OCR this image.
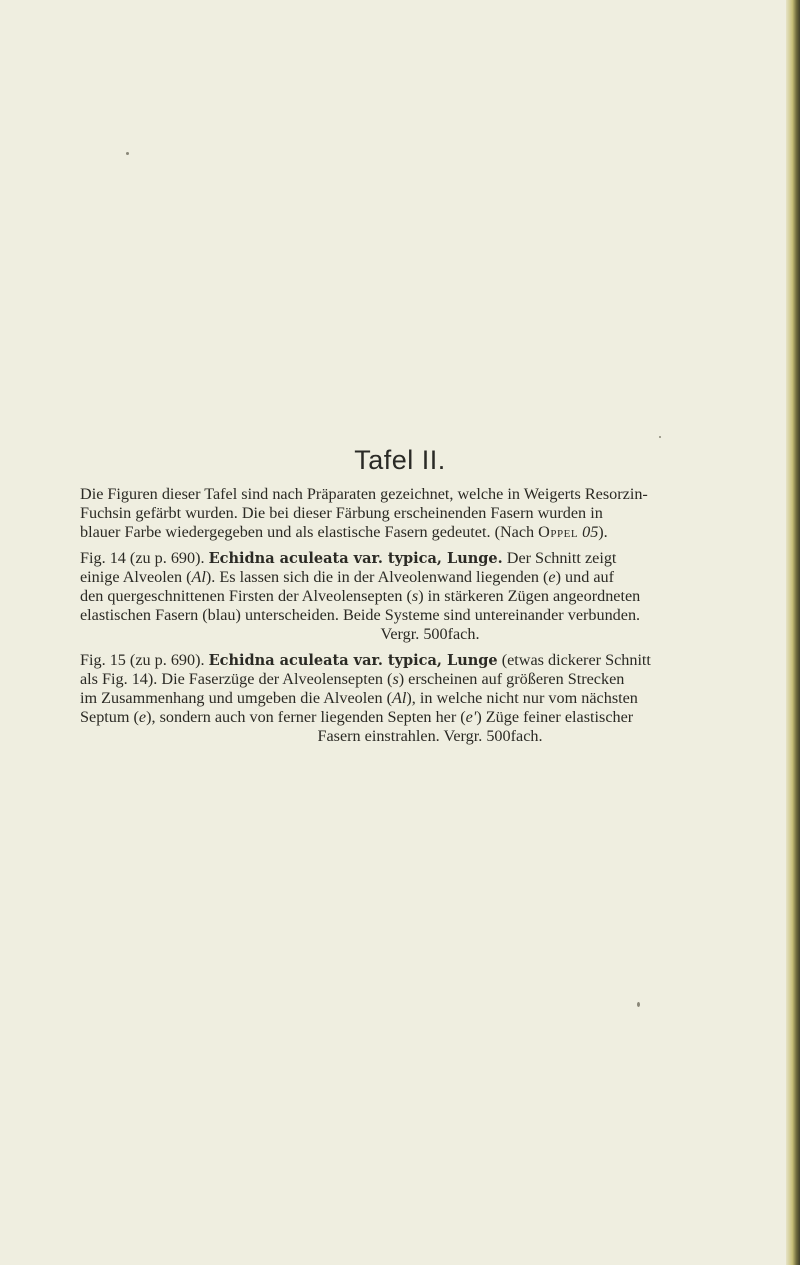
Tafel II.
Die Figuren dieser Tafel sind nach Präparaten gezeichnet, welche in Weigerts Resorzin-
Fuchsin gefärbt wurden. Die bei dieser Färbung erscheinenden Fasern wurden in
blauer Farbe wiedergegeben und als elastische Fasern gedeutet. (Nach Oppel 05).
Fig. 14 (zu p. 690). Echidna aculeata var. typica, Lunge. Der Schnitt zeigt
einige Alveolen (Al). Es lassen sich die in der Alveolenwand liegenden (e) und auf
den quergeschnittenen Firsten der Alveolensepten (s) in stärkeren Zügen angeordneten
elastischen Fasern (blau) unterscheiden. Beide Systeme sind untereinander verbunden.
Vergr. 500fach.
Fig. 15 (zu p. 690). Echidna aculeata var. typica, Lunge (etwas dickerer Schnitt
als Fig. 14). Die Faserzüge der Alveolensepten (s) erscheinen auf größeren Strecken
im Zusammenhang und umgeben die Alveolen (Al), in welche nicht nur vom nächsten
Septum (e), sondern auch von ferner liegenden Septen her (e') Züge feiner elastischer
Fasern einstrahlen. Vergr. 500fach.
